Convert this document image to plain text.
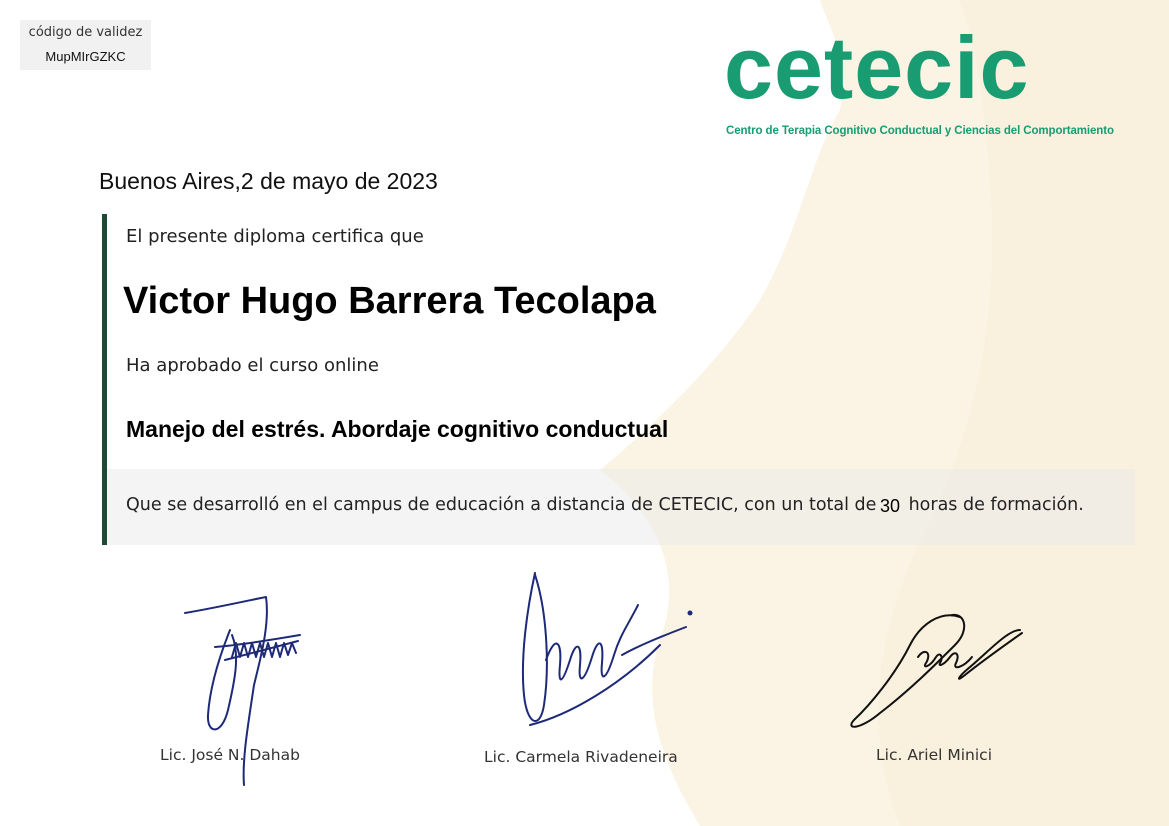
código de validez
MupMIrGZKC	cetecic
Centro de Terapia Cognitivo Conductual y Ciencias del Comportamiento
Buenos Aires,2 de mayo de 2023
El presente diploma certifica que
Victor Hugo Barrera Tecolapa
Ha aprobado el curso online
Manejo del estrés. Abordaje cognitivo conductual
Que se desarrolló en el campus de educación a distancia de CETECIC, con un total de 30 horas de formación.
Lic. José N. Dahab	Lic. Carmela Rivadeneira	Lic. Ariel Minici
